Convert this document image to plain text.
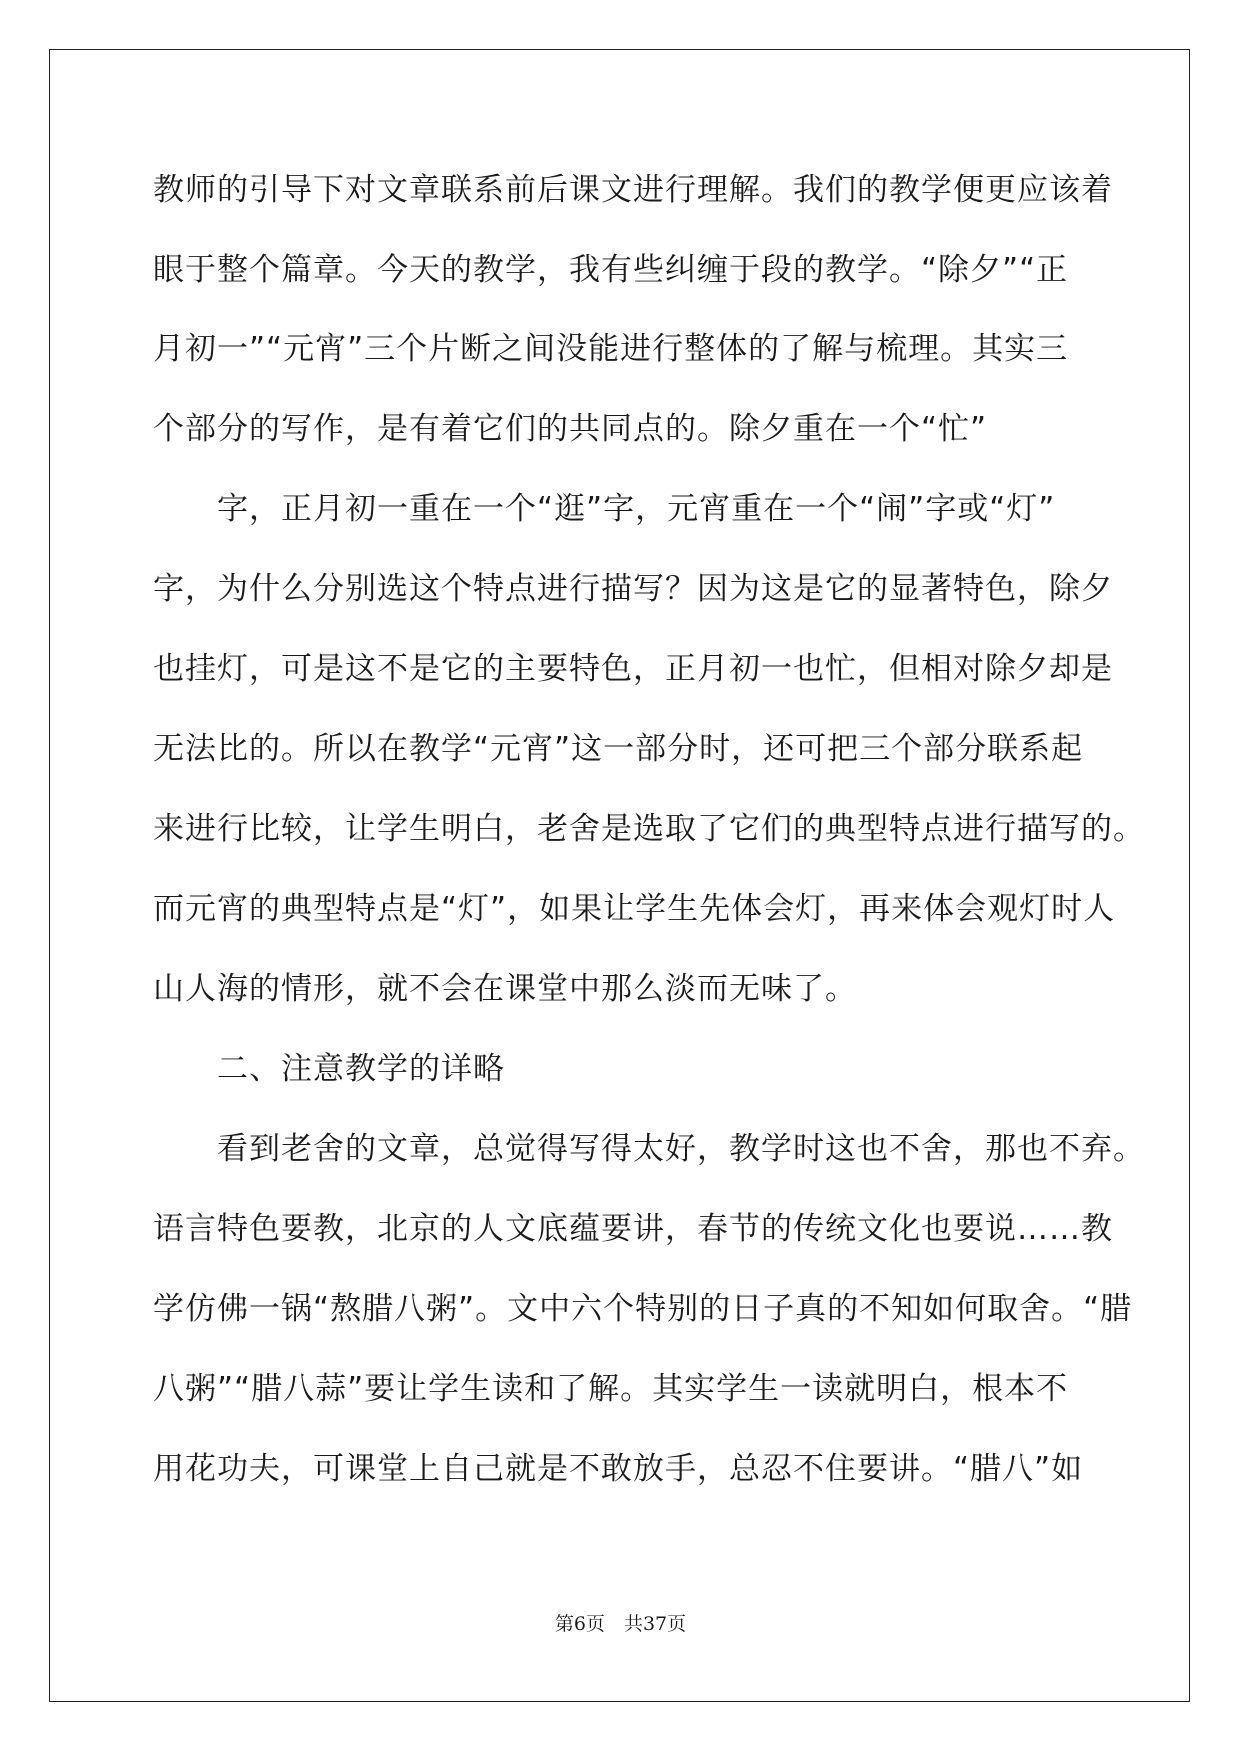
教师的引导下对文章联系前后课文进行理解。我们的教学便更应该着
眼于整个篇章。今天的教学，我有些纠缠于段的教学。“除夕”“正
月初一”“元宵”三个片断之间没能进行整体的了解与梳理。其实三
个部分的写作，是有着它们的共同点的。除夕重在一个“忙”
　　字，正月初一重在一个“逛”字，元宵重在一个“闹”字或“灯”
字，为什么分别选这个特点进行描写？因为这是它的显著特色，除夕
也挂灯，可是这不是它的主要特色，正月初一也忙，但相对除夕却是
无法比的。所以在教学“元宵”这一部分时，还可把三个部分联系起
来进行比较，让学生明白，老舍是选取了它们的典型特点进行描写的。
而元宵的典型特点是“灯”，如果让学生先体会灯，再来体会观灯时人
山人海的情形，就不会在课堂中那么淡而无味了。
　　二、注意教学的详略
　　看到老舍的文章，总觉得写得太好，教学时这也不舍，那也不弃。
语言特色要教，北京的人文底蕴要讲，春节的传统文化也要说……教
学仿佛一锅“熬腊八粥”。文中六个特别的日子真的不知如何取舍。“腊
八粥”“腊八蒜”要让学生读和了解。其实学生一读就明白，根本不
用花功夫，可课堂上自己就是不敢放手，总忍不住要讲。“腊八”如
第6页　共37页
